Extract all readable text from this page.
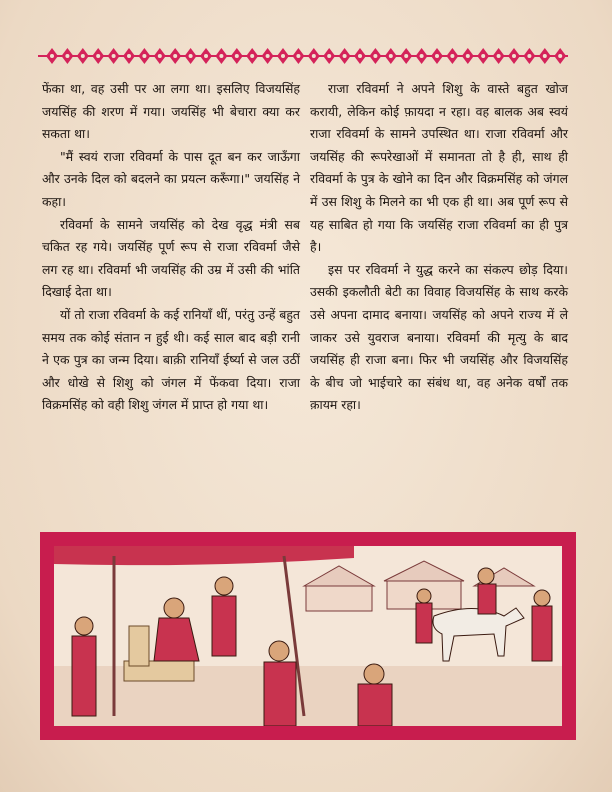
फेंका था, वह उसी पर आ लगा था। इसलिए विजयसिंह जयसिंह की शरण में गया। जयसिंह भी बेचारा क्या कर सकता था।

"मैं स्वयं राजा रविवर्मा के पास दूत बन कर जाऊँगा और उनके दिल को बदलने का प्रयत्न करूँगा।" जयसिंह ने कहा।

रविवर्मा के सामने जयसिंह को देख वृद्ध मंत्री सब चकित रह गये। जयसिंह पूर्ण रूप से राजा रविवर्मा जैसे लग रह था। रविवर्मा भी जयसिंह की उम्र में उसी की भांति दिखाई देता था।

यों तो राजा रविवर्मा के कई रानियाँ थीं, परंतु उन्हें बहुत समय तक कोई संतान न हुई थी। कई साल बाद बड़ी रानी ने एक पुत्र का जन्म दिया। बाक़ी रानियाँ ईर्ष्या से जल उठीं और धोखे से शिशु को जंगल में फेंकवा दिया। राजा विक्रमसिंह को वही शिशु जंगल में प्राप्त हो गया था।

राजा रविवर्मा ने अपने शिशु के वास्ते बहुत खोज करायी, लेकिन कोई फ़ायदा न रहा। वह बालक अब स्वयं राजा रविवर्मा के सामने उपस्थित था। राजा रविवर्मा और जयसिंह की रूपरेखाओं में समानता तो है ही, साथ ही रविवर्मा के पुत्र के खोने का दिन और विक्रमसिंह को जंगल में उस शिशु के मिलने का भी एक ही था। अब पूर्ण रूप से यह साबित हो गया कि जयसिंह राजा रविवर्मा का ही पुत्र है।

इस पर रविवर्मा ने युद्ध करने का संकल्प छोड़ दिया। उसकी इकलौती बेटी का विवाह विजयसिंह के साथ करके उसे अपना दामाद बनाया। जयसिंह को अपने राज्य में ले जाकर उसे युवराज बनाया। रविवर्मा की मृत्यु के बाद जयसिंह ही राजा बना। फिर भी जयसिंह और विजयसिंह के बीच जो भाईचारे का संबंध था, वह अनेक वर्षों तक क़ायम रहा।
